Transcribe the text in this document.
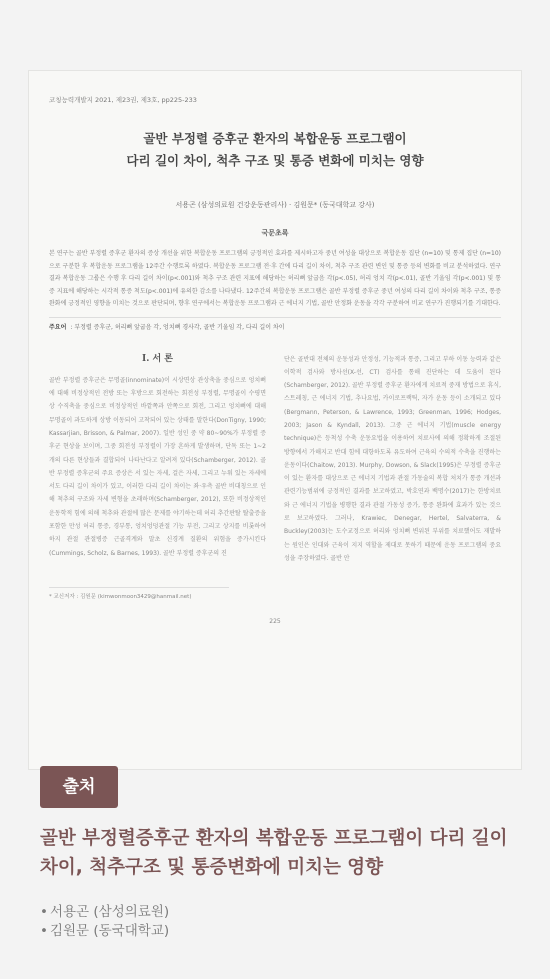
코칭능력개발지 2021, 제23권, 제3호, pp225-233
골반 부정렬 증후군 환자의 복합운동 프로그램이
다리 길이 차이, 척추 구조 및 통증 변화에 미치는 영향
서용곤 (삼성의료원 건강운동관리사) · 김원문* (동국대학교 강사)
국문초록
본 연구는 골반 부정렬 증후군 환자의 증상 개선을 위한 복합운동 프로그램의 긍정적인 효과를 제시하고자 중년 여성을 대상으로 복합운동 집단 (n=10) 및 통제 집단 (n=10)으로 구분한 후 복합운동 프로그램을 12주간 수행토록 하였다. 복합운동 프로그램 전·후 간에 다리 길이 차이, 척추 구조 관련 변인 및 통증 등의 변화를 비교 분석하였다. 연구결과 복합운동 그룹은 수행 후 다리 길이 차이(p<.001)와 척추 구조 관련 지표에 해당하는 허리뼈 앞굽음 각(p<.05), 허리 엉치 각(p<.01), 골반 기울임 각(p<.001) 및 통증 지표에 해당하는 시각적 통증 척도(p<.001)에 유의한 감소를 나타냈다. 12주간의 복합운동 프로그램은 골반 부정렬 증후군 중년 여성의 다리 길이 차이와 척추 구조, 통증 완화에 긍정적인 영향을 미치는 것으로 판단되며, 향후 연구에서는 복합운동 프로그램과 근 에너지 기법, 골반 안정화 운동을 각각 구분하여 비교 연구가 진행되기를 기대한다.
주요어 : 부정렬 증후군, 허리뼈 앞굽음 각, 엉치뼈 경사각, 골반 기울임 각, 다리 길이 차이
Ⅰ. 서 론
골반 부정렬 증후군은 무명골(innominate)이 시상면상 관상축을 중심으로 엉치뼈에 대해 비정상적인 전방 또는 후방으로 회전하는 회전성 부정렬, 무명골이 수평면상 수직축을 중심으로 비정상적인 바깥쪽과 안쪽으로 회전, 그리고 엉치뼈에 대해 무명골이 과도하게 상방 이동되어 고착되어 있는 상태를 말한다(DonTigny, 1990; Kassarjian, Brisson, & Palmar, 2007). 일반 성인 중 약 80~90%가 부정렬 증후군 현상을 보이며, 그중 회전성 부정렬이 가장 흔하게 발생하며, 단독 또는 1~2개의 다른 현상들과 결합되어 나타난다고 알려져 있다(Schamberger, 2012). 골반 부정렬 증후군의 주요 증상은 서 있는 자세, 걸은 자세, 그리고 누워 있는 자세에서도 다리 길이 차이가 있고, 이러한 다리 길이 차이는 좌·우측 골반 비대칭으로 인해 척추의 구조와 자세 변형을 초래하며(Schamberger, 2012), 또한 비정상적인 운동학적 힘에 의해 척추와 관절에 많은 문제를 야기하는데 허리 추간판탈 탈출증을 포함한 만성 허리 통증, 경부통, 엉치엉덩관절 기능 부전, 그리고 상지를 비롯하여 하지 관절 관절병증 근골격계와 말초 신경계 질환의 위험을 증가시킨다(Cummings, Scholz, & Barnes, 1993). 골반 부정렬 증후군의 진
단은 골반대 전체의 운동성과 안정성, 기능적과 통증, 그리고 부하 이동 능력과 같은 이학적 검사와 방사선(X-선, CT) 검사를 통해 진단하는 데 도움이 된다(Schamberger, 2012). 골반 부정렬 증후군 환자에게 치료적 중재 방법으로 휴식, 스트레칭, 근 에너지 기법, 추나요법, 카이로프랙틱, 자가 운동 등이 소개되고 있다(Bergmann, Peterson, & Lawrence, 1993; Greenman, 1996; Hodges, 2003; Jason & Kyndall, 2013). 그중 근 에너지 기법(muscle energy technique)은 등척성 수축 운동요법을 이용하여 치료사에 의해 정확하게 조절된 방향에서 가해지고 반대 힘에 대항하도록 유도하여 근육의 수의적 수축을 진행하는 운동이다(Chaitow, 2013). Murphy, Dowson, & Slack(1995)은 부정렬 증후군이 있는 환자를 대상으로 근 에너지 기법과 관절 가동술의 복합 처치가 통증 개선과 관련기능범위에 긍정적인 결과를 보고하였고, 박호연과 백명수(2017)는 한방치료와 근 에너지 기법을 병행한 결과 관절 가동성 증가, 통증 완화에 효과가 있는 것으로 보고하였다. 그러나, Krawiec, Denegar, Hertel, Salvaterra, & Buckley(2003)는 도수교정으로 허리와 엉치뼈 변위된 부위를 치료했어도 재발하는 원인은 인대와 근육이 지지 역할을 제대로 못하기 때문에 운동 프로그램의 중요성을 주장하였다. 골반 안
* 교신저자 : 김원문 (kimwonmoon3429@hanmail.net)
225
출처
골반 부정렬증후군 환자의 복합운동 프로그램이 다리 길이 차이, 척추구조 및 통증변화에 미치는 영향
• 서용곤 (삼성의료원)
• 김원문 (동국대학교)
